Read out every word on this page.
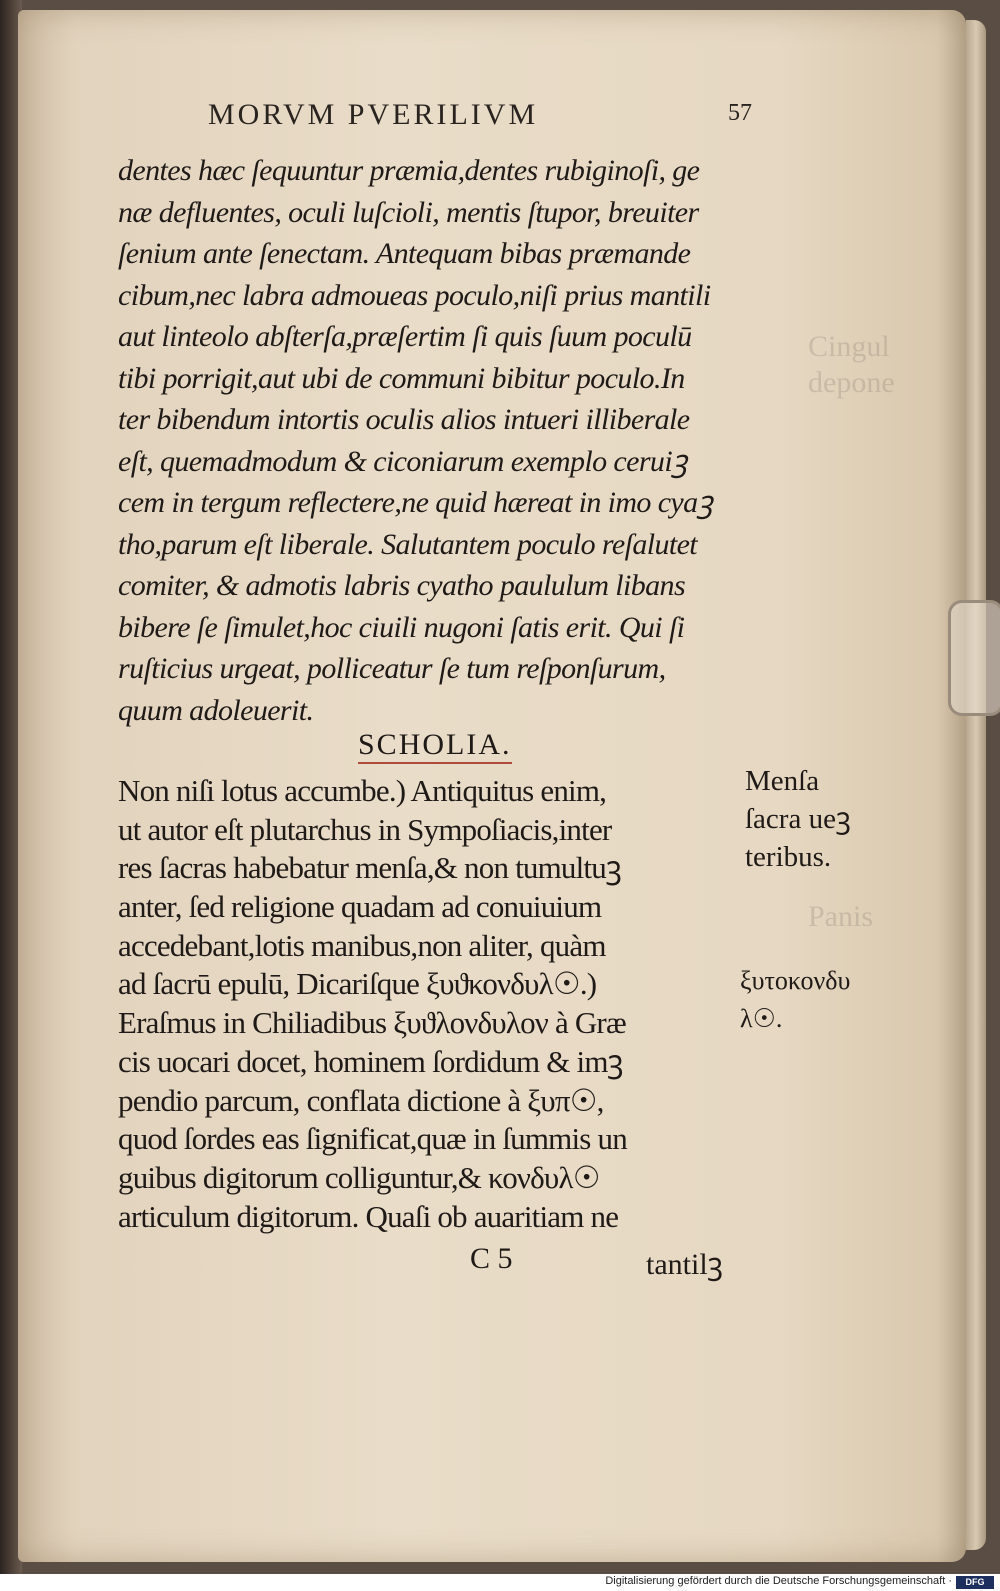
Cingul
depone
Panis
MORVM PVERILIVM	57
dentes hæc ſequuntur præmia,dentes rubiginoſi, ge
næ defluentes, oculi luſcioli, mentis ſtupor, breuiter
ſenium ante ſenectam. Antequam bibas præmande
cibum,nec labra admoueas poculo,niſi prius mantili
aut linteolo abſterſa,præſertim ſi quis ſuum poculū
tibi porrigit,aut ubi de communi bibitur poculo.In
ter bibendum intortis oculis alios intueri illiberale
eſt, quemadmodum & ciconiarum exemplo ceruiꝫ
cem in tergum reflectere,ne quid hæreat in imo cyaꝫ
tho,parum eſt liberale. Salutantem poculo reſalutet
comiter, & admotis labris cyatho paululum libans
bibere ſe ſimulet,hoc ciuili nugoni ſatis erit. Qui ſi
ruſticius urgeat, polliceatur ſe tum reſponſurum,
quum adoleuerit.
SCHOLIA.
Non niſi lotus accumbe.) Antiquitus enim,
ut autor eſt plutarchus in Sympoſiacis,inter
res ſacras habebatur menſa,& non tumultuꝫ
anter, ſed religione quadam ad conuiuium
accedebant,lotis manibus,non aliter, quàm
ad ſacrū epulū, Dicariſque ξυϑκονδυλ☉.)
Eraſmus in Chiliadibus ξυϑλονδυλον à Græ
cis uocari docet, hominem ſordidum & imꝫ
pendio parcum, conflata dictione à ξυπ☉,
quod ſordes eas ſignificat,quæ in ſummis un
guibus digitorum colliguntur,& κονδυλ☉
articulum digitorum. Quaſi ob auaritiam ne
Menſa
ſacra ueꝫ
teribus.
ξυτοκονδυ
λ☉.
C 5	tantilꝫ
Digitalisierung gefördert durch die Deutsche Forschungsgemeinschaft ·	DFG
